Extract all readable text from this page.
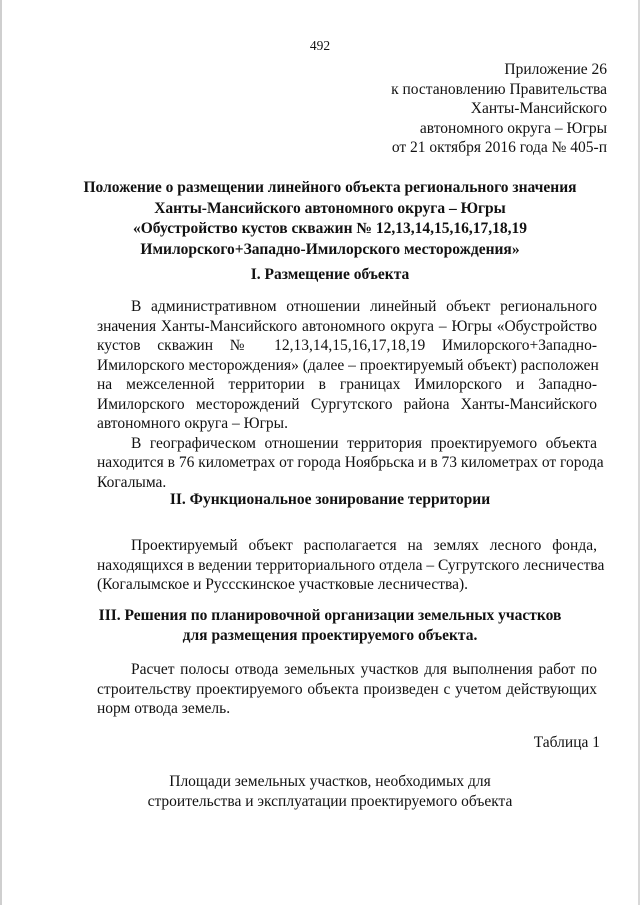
492
Приложение 26
к постановлению Правительства
Ханты-Мансийского
автономного округа – Югры
от 21 октября 2016 года № 405-п
Положение о размещении линейного объекта регионального значения
Ханты-Мансийского автономного округа – Югры
«Обустройство кустов скважин № 12,13,14,15,16,17,18,19
Имилорского+Западно-Имилорского месторождения»
I. Размещение объекта
В административном отношении линейный объект регионального
значения Ханты-Мансийского автономного округа – Югры «Обустройство
кустов скважин № 12,13,14,15,16,17,18,19 Имилорского+Западно-
Имилорского месторождения» (далее – проектируемый объект) расположен
на межселенной территории в границах Имилорского и Западно-
Имилорского месторождений Сургутского района Ханты-Мансийского
автономного округа – Югры.
В географическом отношении территория проектируемого объекта
находится в 76 километрах от города Ноябрьска и в 73 километрах от города
Когалыма.
II. Функциональное зонирование территории
Проектируемый объект располагается на землях лесного фонда,
находящихся в ведении территориального отдела – Сугрутского лесничества
(Когалымское и Руссскинское участковые лесничества).
III. Решения по планировочной организации земельных участков
для размещения проектируемого объекта.
Расчет полосы отвода земельных участков для выполнения работ по
строительству проектируемого объекта произведен с учетом действующих
норм отвода земель.
Таблица 1
Площади земельных участков, необходимых для
строительства и эксплуатации проектируемого объекта
